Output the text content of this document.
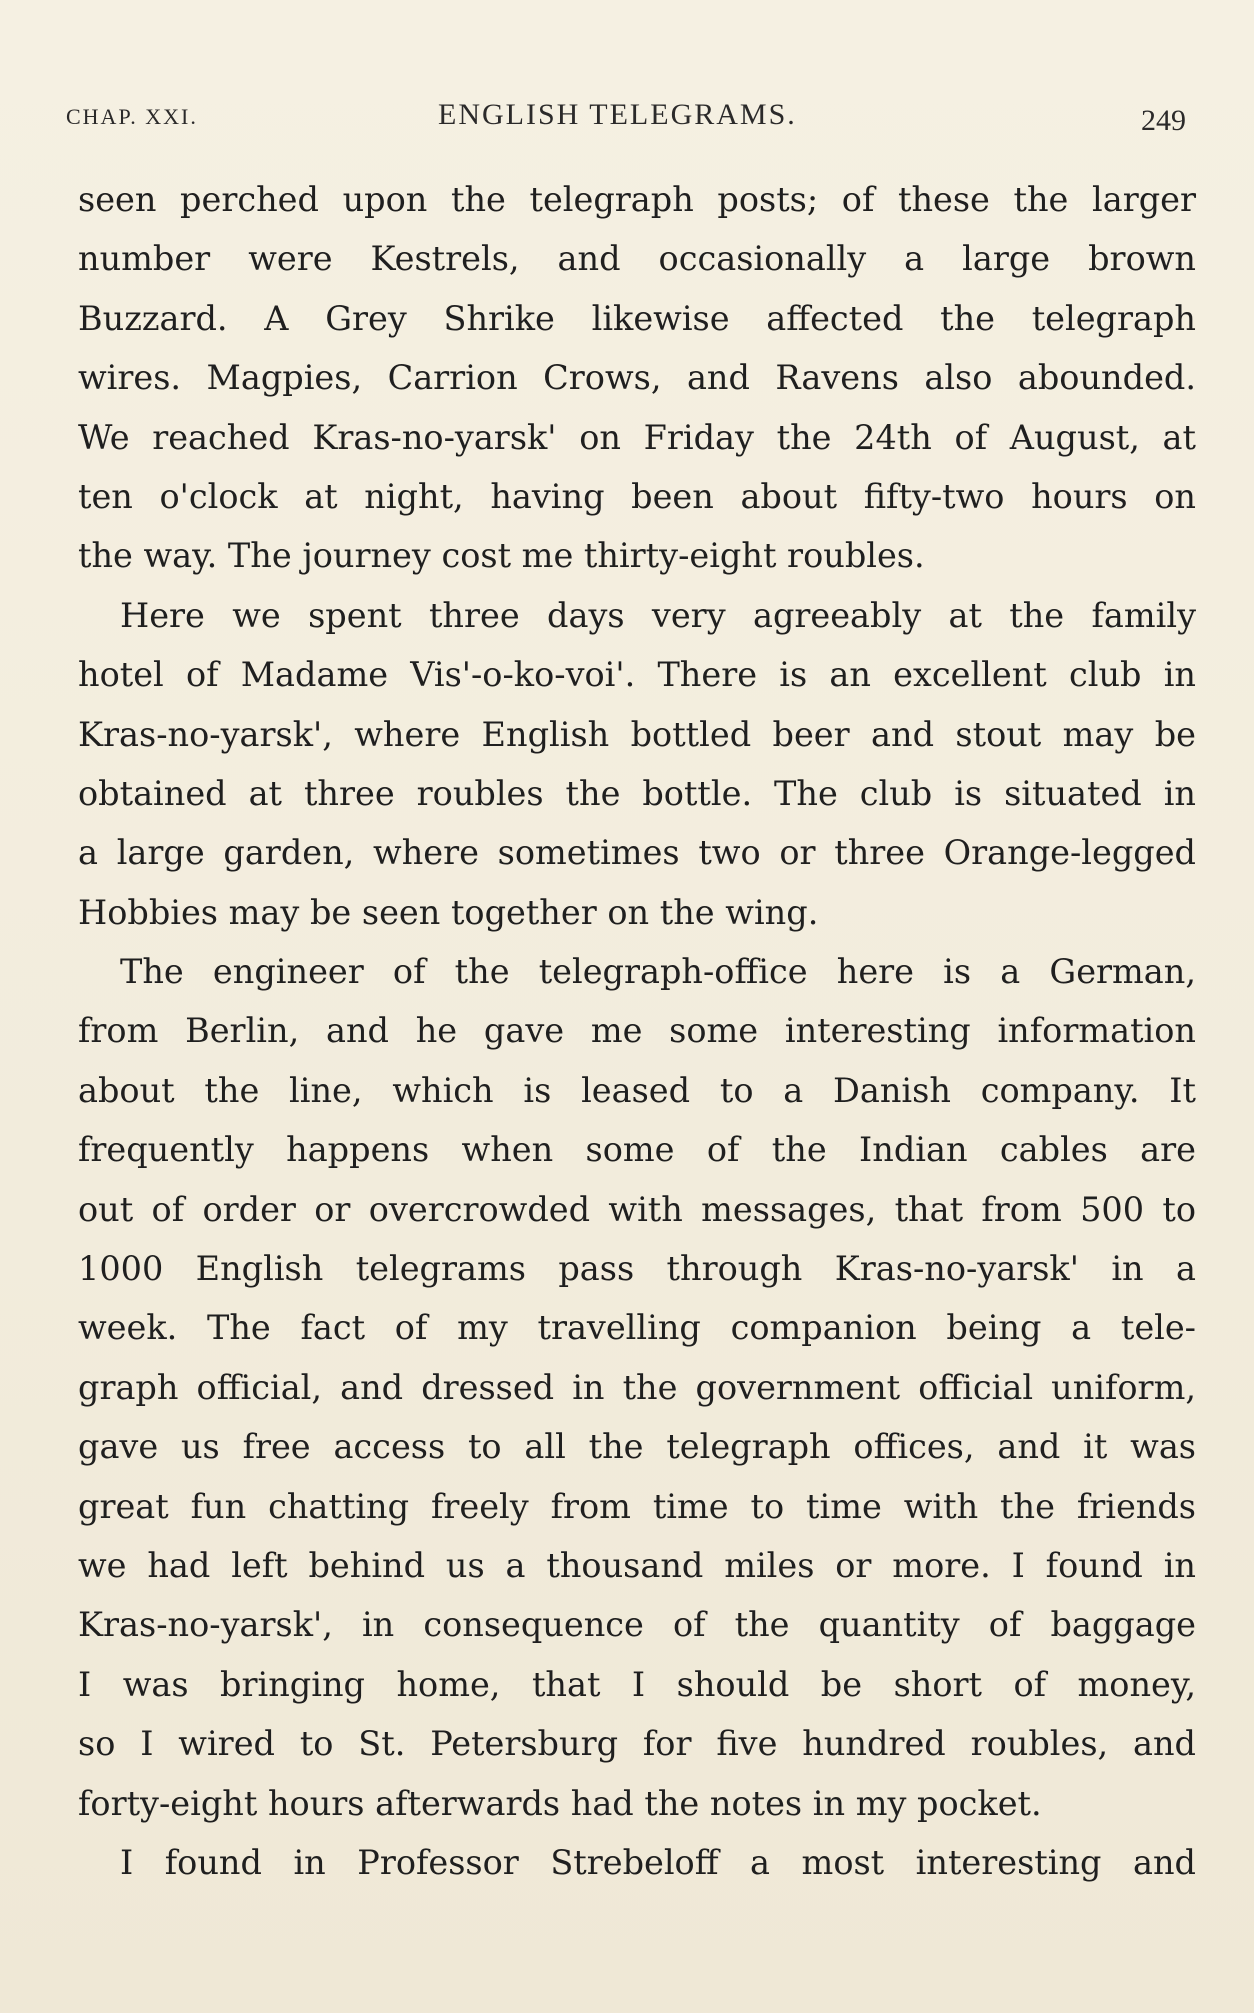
CHAP. XXI.	ENGLISH TELEGRAMS.	249
seen perched upon the telegraph posts; of these the larger
number were Kestrels, and occasionally a large brown
Buzzard. A Grey Shrike likewise affected the telegraph
wires. Magpies, Carrion Crows, and Ravens also abounded.
We reached Kras-no-yarsk' on Friday the 24th of August, at
ten o'clock at night, having been about fifty-two hours on
the way. The journey cost me thirty-eight roubles.
Here we spent three days very agreeably at the family
hotel of Madame Vis'-o-ko-voi'. There is an excellent club in
Kras-no-yarsk', where English bottled beer and stout may be
obtained at three roubles the bottle. The club is situated in
a large garden, where sometimes two or three Orange-legged
Hobbies may be seen together on the wing.
The engineer of the telegraph-office here is a German,
from Berlin, and he gave me some interesting information
about the line, which is leased to a Danish company. It
frequently happens when some of the Indian cables are
out of order or overcrowded with messages, that from 500 to
1000 English telegrams pass through Kras-no-yarsk' in a
week. The fact of my travelling companion being a tele-
graph official, and dressed in the government official uniform,
gave us free access to all the telegraph offices, and it was
great fun chatting freely from time to time with the friends
we had left behind us a thousand miles or more. I found in
Kras-no-yarsk', in consequence of the quantity of baggage
I was bringing home, that I should be short of money,
so I wired to St. Petersburg for five hundred roubles, and
forty-eight hours afterwards had the notes in my pocket.
I found in Professor Strebeloff a most interesting and
